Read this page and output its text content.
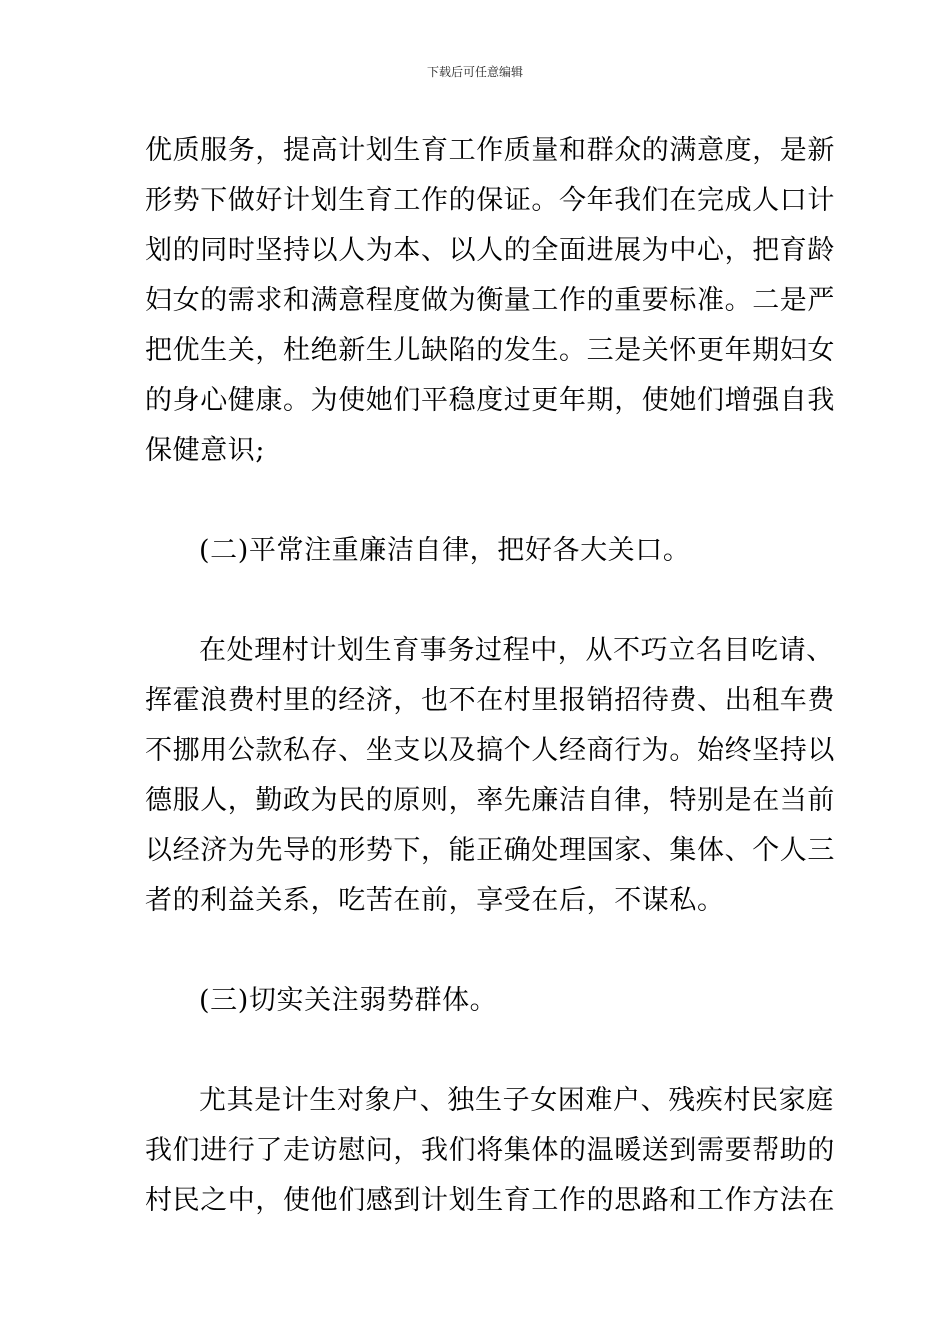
下载后可任意编辑
优质服务，提高计划生育工作质量和群众的满意度，是新
形势下做好计划生育工作的保证。今年我们在完成人口计
划的同时坚持以人为本、以人的全面进展为中心，把育龄
妇女的需求和满意程度做为衡量工作的重要标准。二是严
把优生关，杜绝新生儿缺陷的发生。三是关怀更年期妇女
的身心健康。为使她们平稳度过更年期，使她们增强自我
保健意识;
(二)平常注重廉洁自律，把好各大关口。
在处理村计划生育事务过程中，从不巧立名目吃请、
挥霍浪费村里的经济，也不在村里报销招待费、出租车费
不挪用公款私存、坐支以及搞个人经商行为。始终坚持以
德服人，勤政为民的原则，率先廉洁自律，特别是在当前
以经济为先导的形势下，能正确处理国家、集体、个人三
者的利益关系，吃苦在前，享受在后，不谋私。
(三)切实关注弱势群体。
尤其是计生对象户、独生子女困难户、残疾村民家庭
我们进行了走访慰问，我们将集体的温暖送到需要帮助的
村民之中，使他们感到计划生育工作的思路和工作方法在
